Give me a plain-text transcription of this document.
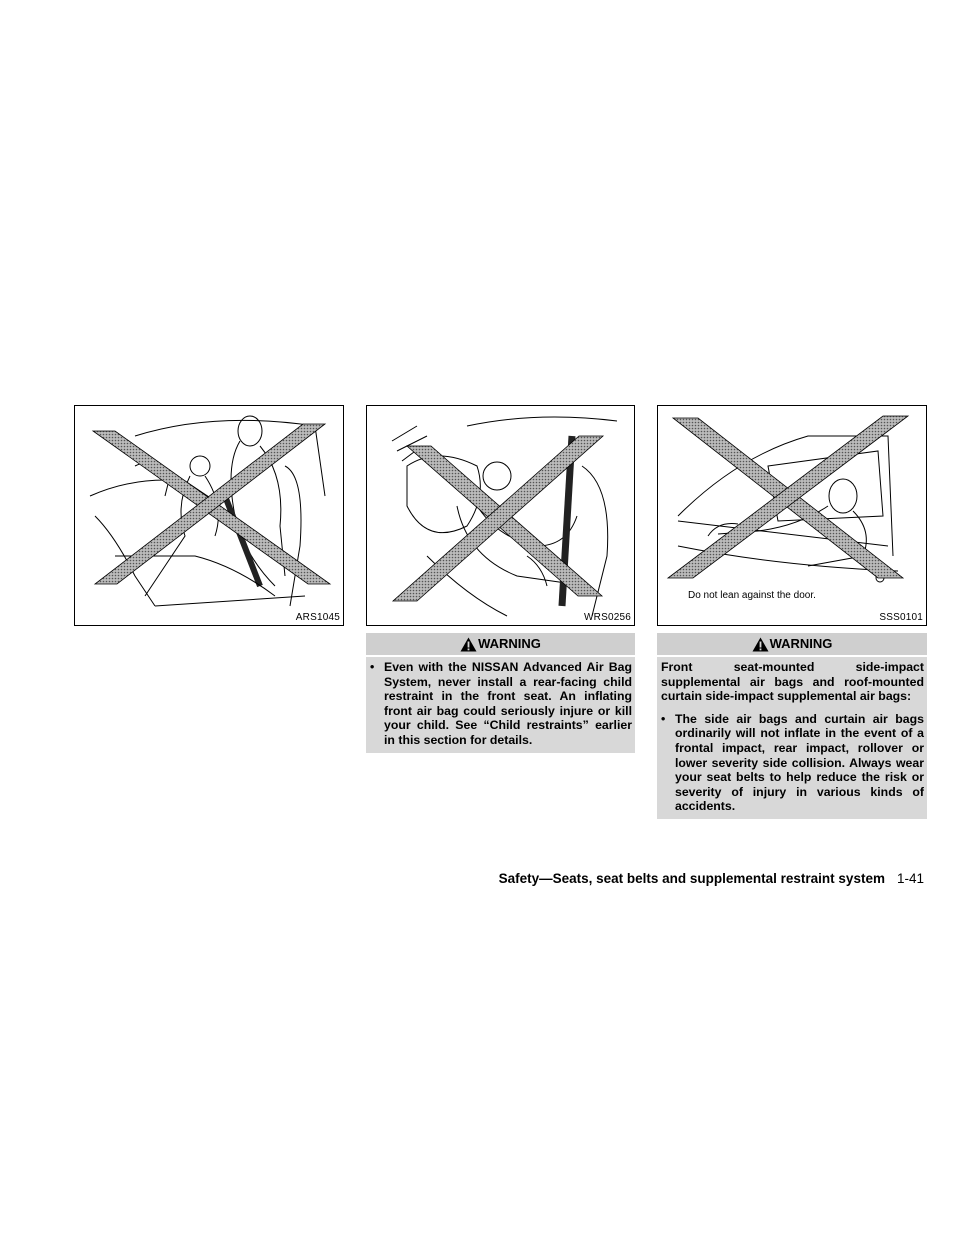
ARS1045	WRS0256
Do not lean against the door.
SSS0101
WARNING
• Even with the NISSAN Advanced Air Bag System, never install a rear-facing child restraint in the front seat. An inflating front air bag could seriously injure or kill your child. See “Child restraints” earlier in this section for details.
WARNING
Front seat-mounted side-impact supplemental air bags and roof-mounted curtain side-impact supplemental air bags:
• The side air bags and curtain air bags ordinarily will not inflate in the event of a frontal impact, rear impact, rollover or lower severity side collision. Always wear your seat belts to help reduce the risk or severity of injury in various kinds of accidents.
Safety—Seats, seat belts and supplemental restraint system 1-41
